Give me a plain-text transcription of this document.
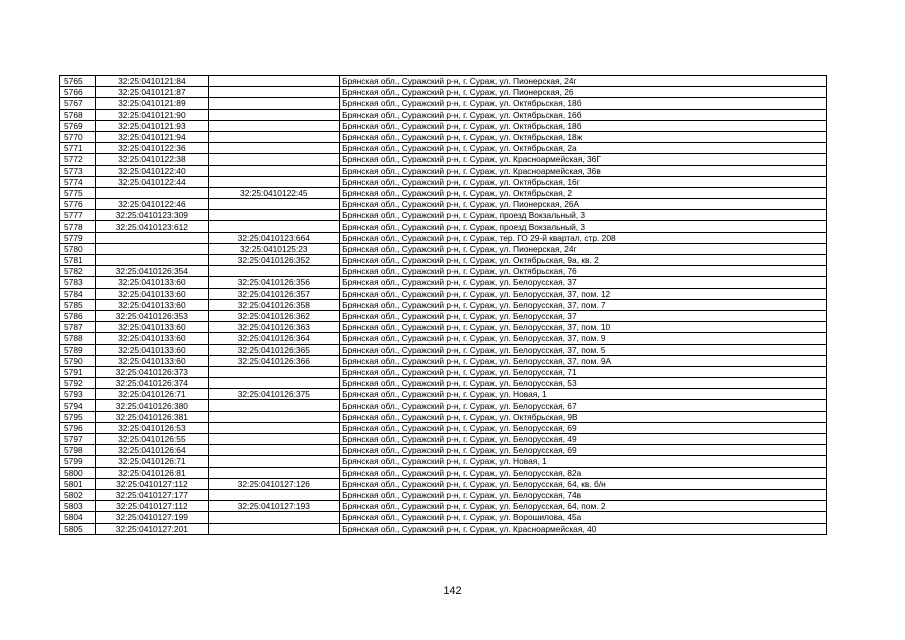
5765	32:25:0410121:84		Брянская обл., Суражский р-н, г. Сураж, ул. Пионерская, 24г
5766	32:25:0410121:87		Брянская обл., Суражский р-н, г. Сураж, ул. Пионерская, 26
5767	32:25:0410121:89		Брянская обл., Суражский р-н, г. Сураж, ул. Октябрьская, 18б
5768	32:25:0410121:90		Брянская обл., Суражский р-н, г. Сураж, ул. Октябрьская, 16б
5769	32:25:0410121:93		Брянская обл., Суражский р-н, г. Сураж, ул. Октябрьская, 18б
5770	32:25:0410121:94		Брянская обл., Суражский р-н, г. Сураж, ул. Октябрьская, 18ж
5771	32:25:0410122:36		Брянская обл., Суражский р-н, г. Сураж, ул. Октябрьская, 2а
5772	32:25:0410122:38		Брянская обл., Суражский р-н, г. Сураж, ул. Красноармейская, 36Г
5773	32:25:0410122:40		Брянская обл., Суражский р-н, г. Сураж, ул. Красноармейская, 36в
5774	32:25:0410122:44		Брянская обл., Суражский р-н, г. Сураж, ул. Октябрьская, 16г
5775		32:25:0410122:45	Брянская обл., Суражский р-н, г. Сураж, ул. Октябрьская, 2
5776	32:25:0410122:46		Брянская обл., Суражский р-н, г. Сураж, ул. Пионерская, 26А
5777	32:25:0410123:309		Брянская обл., Суражский р-н, г. Сураж, проезд Вокзальный, 3
5778	32:25:0410123:612		Брянская обл., Суражский р-н, г. Сураж, проезд Вокзальный, 3
5779		32:25:0410123:664	Брянская обл., Суражский р-н, г. Сураж, тер. ГО 29-й квартал, стр. 208
5780		32:25:0410125:23	Брянская обл., Суражский р-н, г. Сураж, ул. Пионерская, 24г
5781		32:25:0410126:352	Брянская обл., Суражский р-н, г. Сураж, ул. Октябрьская, 9а, кв. 2
5782	32:25:0410126:354		Брянская обл., Суражский р-н, г. Сураж, ул. Октябрьская, 76
5783	32:25:0410133:60	32:25:0410126:356	Брянская обл., Суражский р-н, г. Сураж, ул. Белорусская, 37
5784	32:25:0410133:60	32:25:0410126:357	Брянская обл., Суражский р-н, г. Сураж, ул. Белорусская, 37, пом. 12
5785	32:25:0410133:60	32:25:0410126:358	Брянская обл., Суражский р-н, г. Сураж, ул. Белорусская, 37, пом. 7
5786	32:25:0410126:353	32:25:0410126:362	Брянская обл., Суражский р-н, г. Сураж, ул. Белорусская, 37
5787	32:25:0410133:60	32:25:0410126:363	Брянская обл., Суражский р-н, г. Сураж, ул. Белорусская, 37, пом. 10
5788	32:25:0410133:60	32:25:0410126:364	Брянская обл., Суражский р-н, г. Сураж, ул. Белорусская, 37, пом. 9
5789	32:25:0410133:60	32:25:0410126:365	Брянская обл., Суражский р-н, г. Сураж, ул. Белорусская, 37, пом. 5
5790	32:25:0410133:60	32:25:0410126:366	Брянская обл., Суражский р-н, г. Сураж, ул. Белорусская, 37, пом. 9А
5791	32:25:0410126:373		Брянская обл., Суражский р-н, г. Сураж, ул. Белорусская, 71
5792	32:25:0410126:374		Брянская обл., Суражский р-н, г. Сураж, ул. Белорусская, 53
5793	32:25:0410126:71	32:25:0410126:375	Брянская обл., Суражский р-н, г. Сураж, ул. Новая, 1
5794	32:25:0410126:380		Брянская обл., Суражский р-н, г. Сураж, ул. Белорусская, 67
5795	32:25:0410126:381		Брянская обл., Суражский р-н, г. Сураж, ул. Октябрьская, 9В
5796	32:25:0410126:53		Брянская обл., Суражский р-н, г. Сураж, ул. Белорусская, 69
5797	32:25:0410126:55		Брянская обл., Суражский р-н, г. Сураж, ул. Белорусская, 49
5798	32:25:0410126:64		Брянская обл., Суражский р-н, г. Сураж, ул. Белорусская, 69
5799	32:25:0410126:71		Брянская обл., Суражский р-н, г. Сураж, ул. Новая, 1
5800	32:25:0410126:81		Брянская обл., Суражский р-н, г. Сураж, ул. Белорусская, 82а
5801	32:25:0410127:112	32:25:0410127:126	Брянская обл., Суражский р-н, г. Сураж, ул. Белорусская, 64, кв. б/н
5802	32:25:0410127:177		Брянская обл., Суражский р-н, г. Сураж, ул. Белорусская, 74в
5803	32:25:0410127:112	32:25:0410127:193	Брянская обл., Суражский р-н, г. Сураж, ул. Белорусская, 64, пом. 2
5804	32:25:0410127:199		Брянская обл., Суражский р-н, г. Сураж, ул. Ворошилова, 45а
5805	32:25:0410127:201		Брянская обл., Суражский р-н, г. Сураж, ул. Красноармейская, 40
142
